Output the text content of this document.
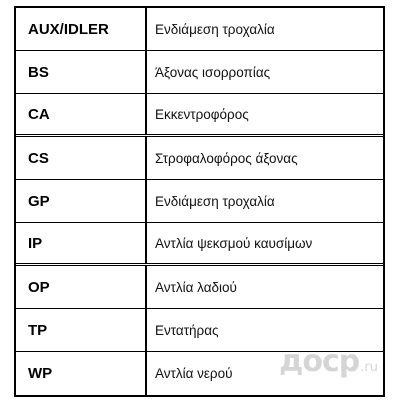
AUX/IDLER	Ενδιάμεση τροχαλία
BS	Άξονας ισορροπίας
CA	Εκκεντροφόρος
CS	Στροφαλοφόρος άξονας
GP	Ενδιάμεση τροχαλία
IP	Αντλία ψεκσμού καυσίμων
OP	Αντλία λαδιού
TP	Εντατήρας
WP	Αντλία νερού	дocp .ru
